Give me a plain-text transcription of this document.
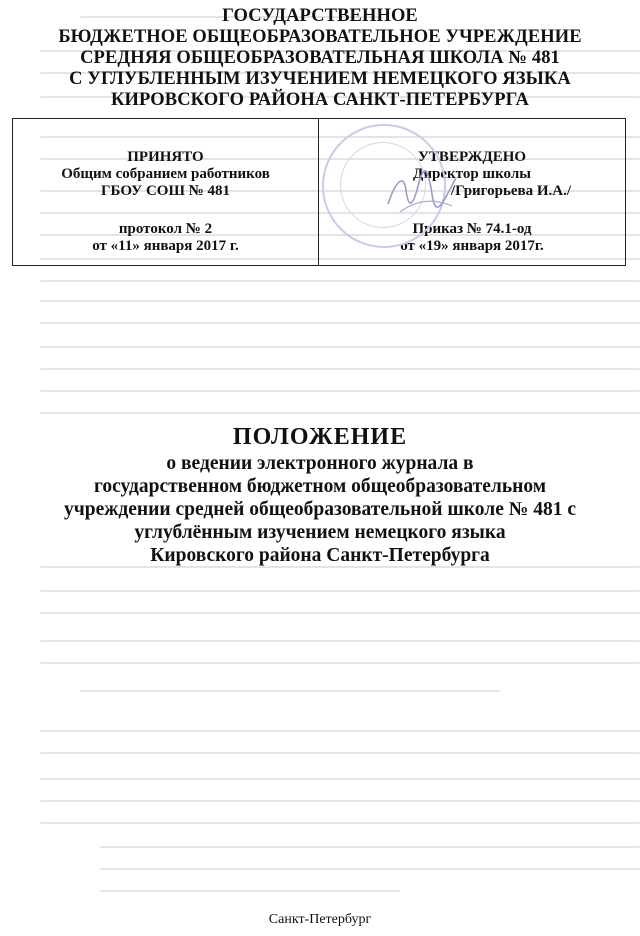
ГОСУДАРСТВЕННОЕ
БЮДЖЕТНОЕ ОБЩЕОБРАЗОВАТЕЛЬНОЕ УЧРЕЖДЕНИЕ
СРЕДНЯЯ ОБЩЕОБРАЗОВАТЕЛЬНАЯ ШКОЛА № 481
С УГЛУБЛЕННЫМ ИЗУЧЕНИЕМ НЕМЕЦКОГО ЯЗЫКА
КИРОВСКОГО РАЙОНА САНКТ-ПЕТЕРБУРГА
ПРИНЯТО
Общим собранием работников
ГБОУ СОШ № 481
протокол № 2
от «11» января 2017 г.
УТВЕРЖДЕНО
Директор школы
/Григорьева И.А./
Приказ № 74.1-од
от «19» января 2017г.
ПОЛОЖЕНИЕ
о ведении электронного журнала в
государственном бюджетном общеобразовательном
учреждении средней общеобразовательной школе № 481 с
углублённым изучением немецкого языка
Кировского района Санкт-Петербурга
Санкт-Петербург
